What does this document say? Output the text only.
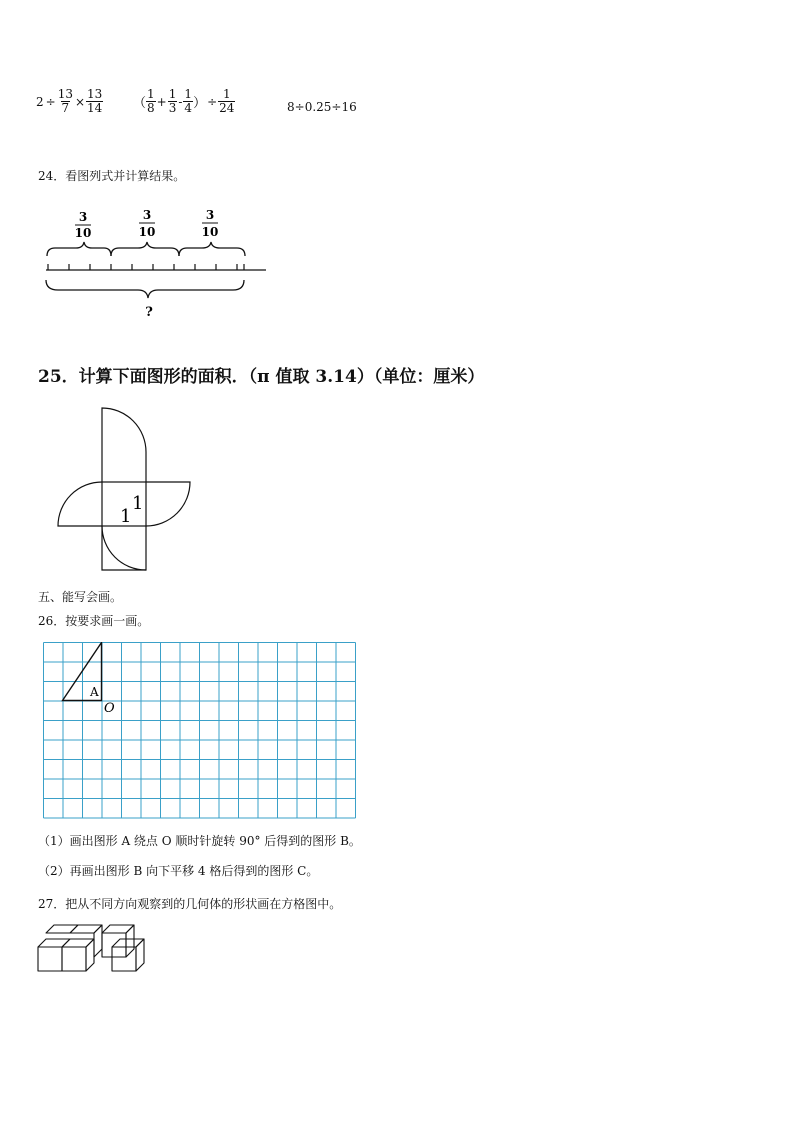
$2 \div \frac{13}{7} \times \frac{13}{14}$ （ $\frac{1}{8} + \frac{1}{3} - \frac{1}{4}$ ） ÷ $\frac{1}{24}$	8÷0.25÷16
24．看图列式并计算结果。
3
10
3
10
3
10
?
25．计算下面图形的面积．（π 值取 3.14）（单位：厘米）
1
1
五、能写会画。
26．按要求画一画。
A
O
（1）画出图形 A 绕点 O 顺时针旋转 90° 后得到的图形 B。
（2）再画出图形 B 向下平移 4 格后得到的图形 C。
27．把从不同方向观察到的几何体的形状画在方格图中。
